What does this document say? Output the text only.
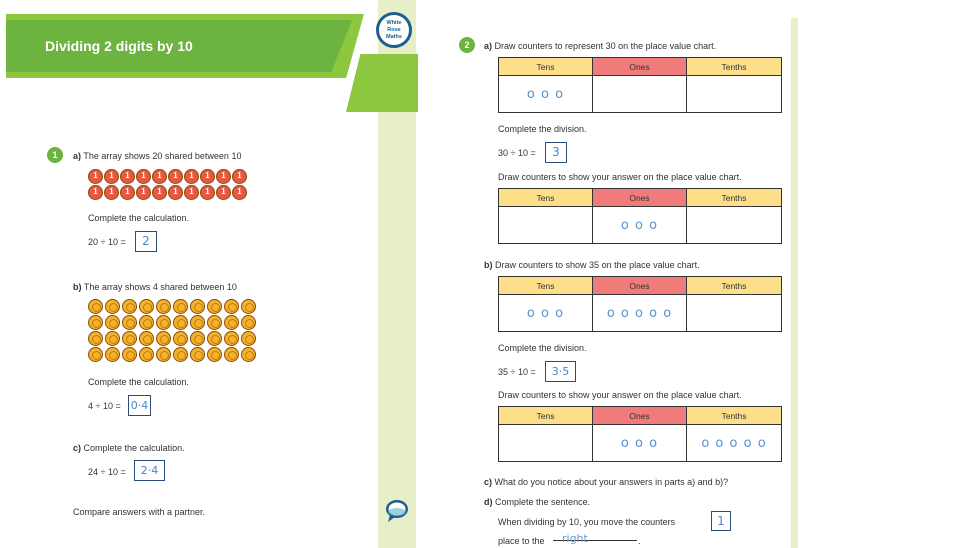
Dividing 2 digits by 10
White
Rose
Maths
1	a) The array shows 20 shared between 10
1
1
1
1
1
1
1
1
1
1
1
1
1
1
1
1
1
1
1
1
Complete the calculation.
20 ÷ 10 =	2
b) The array shows 4 shared between 10
Complete the calculation.
4 ÷ 10 = 0·4
c) Complete the calculation.
24 ÷ 10 =	2·4
Compare answers with a partner.
2	a) Draw counters to represent 30 on the place value chart.
Tens	Ones	Tenths
o o o		
Complete the division.
30 ÷ 10 =	3
Draw counters to show your answer on the place value chart.
Tens	Ones	Tenths
	o o o	
b) Draw counters to show 35 on the place value chart.
Tens	Ones	Tenths
o o o	o o o o o	
Complete the division.
35 ÷ 10 =	3·5
Draw counters to show your answer on the place value chart.
Tens	Ones	Tenths
	o o o	o o o o o
c) What do you notice about your answers in parts a) and b)?
d) Complete the sentence.
When dividing by 10, you move the counters	1
place to the right	.
